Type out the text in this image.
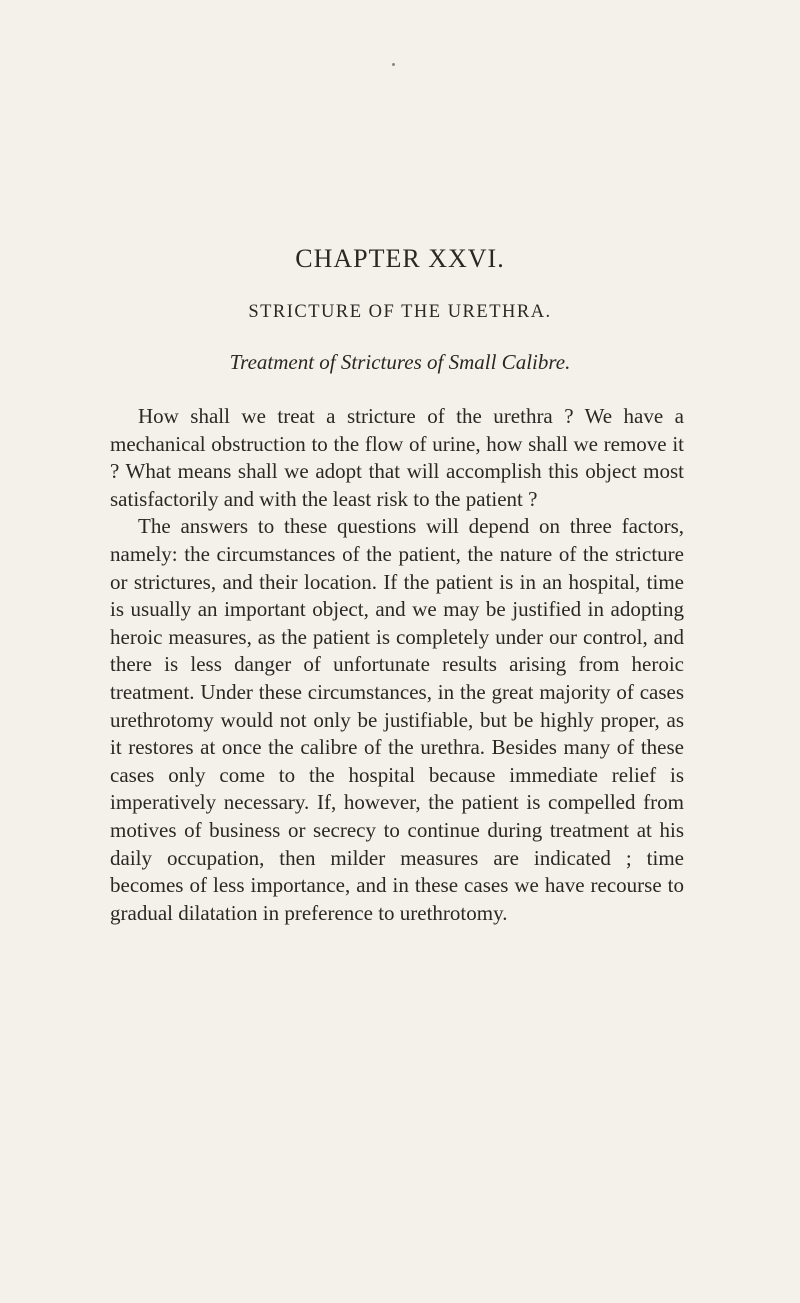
CHAPTER XXVI.
STRICTURE OF THE URETHRA.
Treatment of Strictures of Small Calibre.

How shall we treat a stricture of the urethra ? We have a mechanical obstruction to the flow of urine, how shall we remove it ? What means shall we adopt that will accomplish this object most satisfactorily and with the least risk to the patient ?

The answers to these questions will depend on three factors, namely: the circumstances of the patient, the nature of the stricture or strictures, and their location. If the patient is in an hospital, time is usually an important object, and we may be justified in adopting heroic measures, as the patient is completely under our control, and there is less danger of unfortunate results arising from heroic treatment. Under these circumstances, in the great majority of cases urethrotomy would not only be justifiable, but be highly proper, as it restores at once the calibre of the urethra. Besides many of these cases only come to the hospital because immediate relief is imperatively necessary. If, however, the patient is compelled from motives of business or secrecy to continue during treatment at his daily occupation, then milder measures are indicated ; time becomes of less importance, and in these cases we have recourse to gradual dilatation in preference to urethrotomy.
